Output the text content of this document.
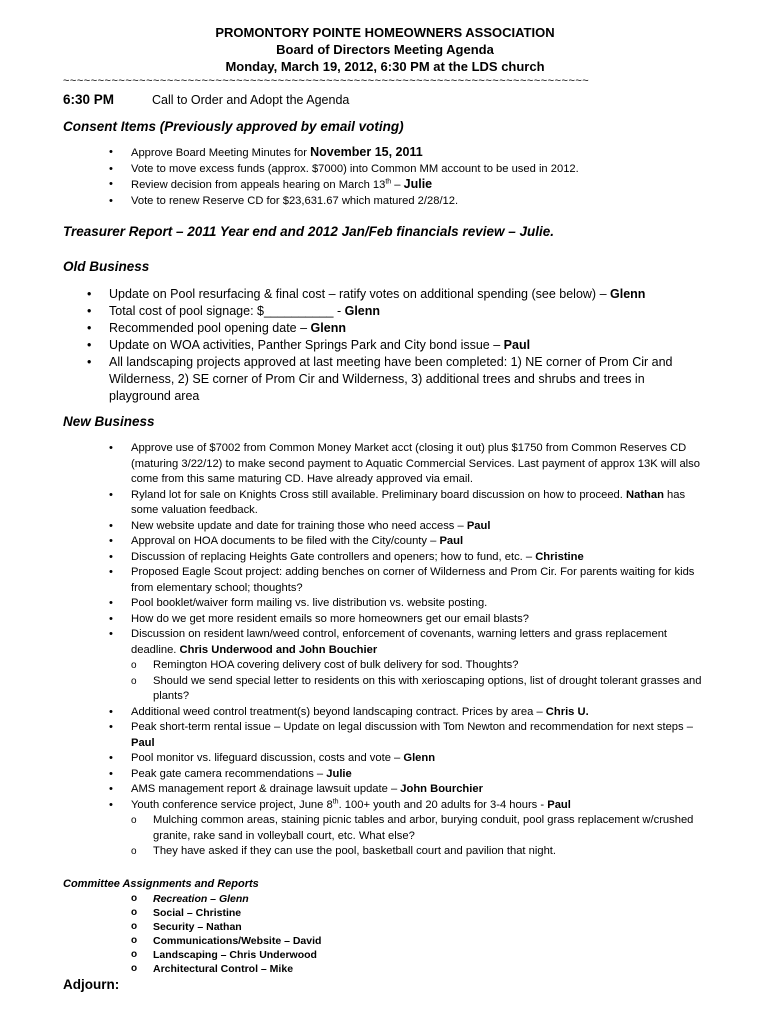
PROMONTORY POINTE HOMEOWNERS ASSOCIATION
Board of Directors Meeting Agenda
Monday, March 19, 2012, 6:30 PM at the LDS church
~~~~~~~~~~~~~~~~~~~~~~~~~~~~~~~~~~~~~~~~~~~~~~~~~~~~~~~~~~~~~~~~~~~~~~~~~~~~
6:30 PM	Call to Order and Adopt the Agenda
Consent Items (Previously approved by email voting)
• Approve Board Meeting Minutes for November 15, 2011
• Vote to move excess funds (approx. $7000) into Common MM account to be used in 2012.
• Review decision from appeals hearing on March 13th – Julie
• Vote to renew Reserve CD for $23,631.67 which matured 2/28/12.
Treasurer Report – 2011 Year end and 2012 Jan/Feb financials review – Julie.
Old Business
• Update on Pool resurfacing & final cost – ratify votes on additional spending (see below) – Glenn
• Total cost of pool signage: $__________ - Glenn
• Recommended pool opening date – Glenn
• Update on WOA activities, Panther Springs Park and City bond issue – Paul
• All landscaping projects approved at last meeting have been completed: 1) NE corner of Prom Cir and Wilderness, 2) SE corner of Prom Cir and Wilderness, 3) additional trees and shrubs and trees in playground area
New Business
• Approve use of $7002 from Common Money Market acct (closing it out) plus $1750 from Common Reserves CD (maturing 3/22/12) to make second payment to Aquatic Commercial Services. Last payment of approx 13K will also come from this same maturing CD. Have already approved via email.
• Ryland lot for sale on Knights Cross still available. Preliminary board discussion on how to proceed. Nathan has some valuation feedback.
• New website update and date for training those who need access – Paul
• Approval on HOA documents to be filed with the City/county – Paul
• Discussion of replacing Heights Gate controllers and openers; how to fund, etc. – Christine
• Proposed Eagle Scout project: adding benches on corner of Wilderness and Prom Cir. For parents waiting for kids from elementary school; thoughts?
• Pool booklet/waiver form mailing vs. live distribution vs. website posting.
• How do we get more resident emails so more homeowners get our email blasts?
• Discussion on resident lawn/weed control, enforcement of covenants, warning letters and grass replacement deadline. Chris Underwood and John Bouchier
o Remington HOA covering delivery cost of bulk delivery for sod. Thoughts?
o Should we send special letter to residents on this with xerioscaping options, list of drought tolerant grasses and plants?
• Additional weed control treatment(s) beyond landscaping contract. Prices by area – Chris U.
• Peak short-term rental issue – Update on legal discussion with Tom Newton and recommendation for next steps – Paul
• Pool monitor vs. lifeguard discussion, costs and vote – Glenn
• Peak gate camera recommendations – Julie
• AMS management report & drainage lawsuit update – John Bourchier
• Youth conference service project, June 8th. 100+ youth and 20 adults for 3-4 hours - Paul
o Mulching common areas, staining picnic tables and arbor, burying conduit, pool grass replacement w/crushed granite, rake sand in volleyball court, etc. What else?
o They have asked if they can use the pool, basketball court and pavilion that night.
Committee Assignments and Reports
o Recreation – Glenn
o Social – Christine
o Security – Nathan
o Communications/Website – David
o Landscaping – Chris Underwood
o Architectural Control – Mike
Adjourn:
